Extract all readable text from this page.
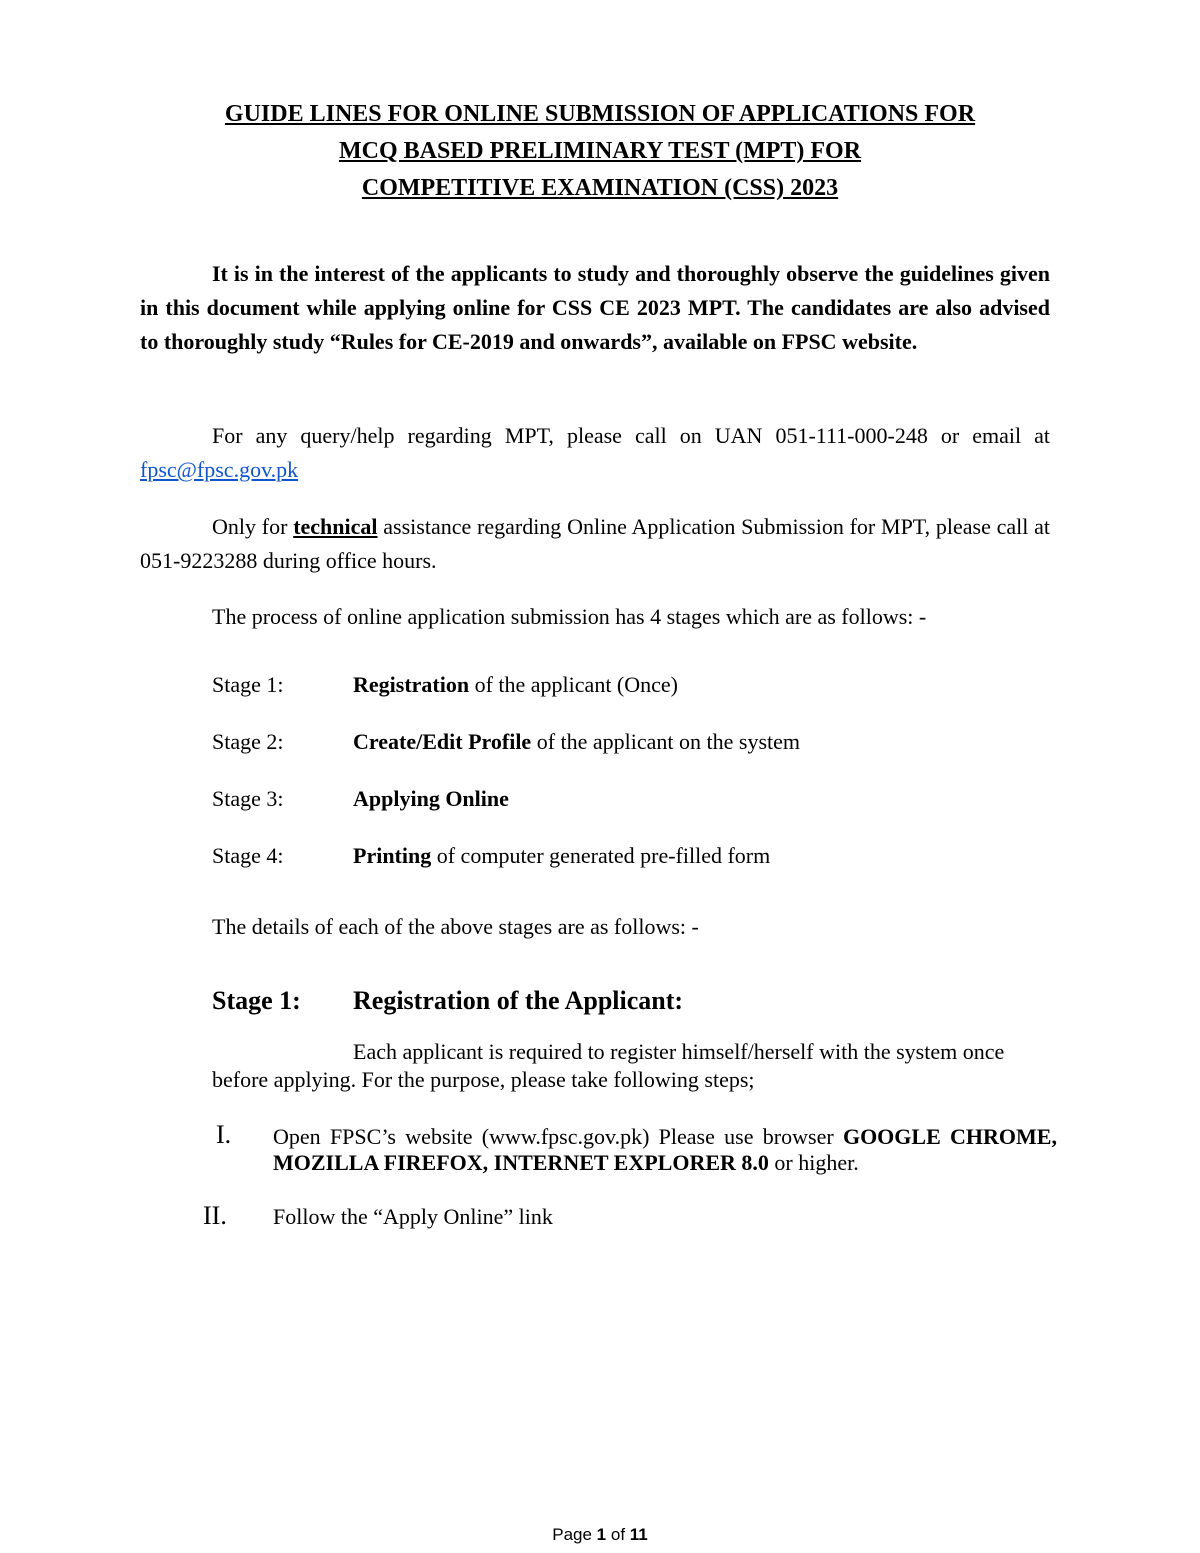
GUIDE LINES FOR ONLINE SUBMISSION OF APPLICATIONS FOR
MCQ BASED PRELIMINARY TEST (MPT) FOR
COMPETITIVE EXAMINATION (CSS) 2023
It is in the interest of the applicants to study and thoroughly observe the guidelines given in this document while applying online for CSS CE 2023 MPT. The candidates are also advised to thoroughly study “Rules for CE-2019 and onwards”, available on FPSC website.
For any query/help regarding MPT, please call on UAN 051-111-000-248 or email at fpsc@fpsc.gov.pk
Only for technical assistance regarding Online Application Submission for MPT, please call at 051-9223288 during office hours.
The process of online application submission has 4 stages which are as follows: -
Stage 1:	Registration of the applicant (Once)
Stage 2:	Create/Edit Profile of the applicant on the system
Stage 3:	Applying Online
Stage 4:	Printing of computer generated pre-filled form
The details of each of the above stages are as follows: -
Stage 1: Registration of the Applicant:
Each applicant is required to register himself/herself with the system once before applying. For the purpose, please take following steps;
I. Open FPSC’s website (www.fpsc.gov.pk) Please use browser GOOGLE CHROME, MOZILLA FIREFOX, INTERNET EXPLORER 8.0 or higher.
II. Follow the “Apply Online” link
Page 1 of 11
